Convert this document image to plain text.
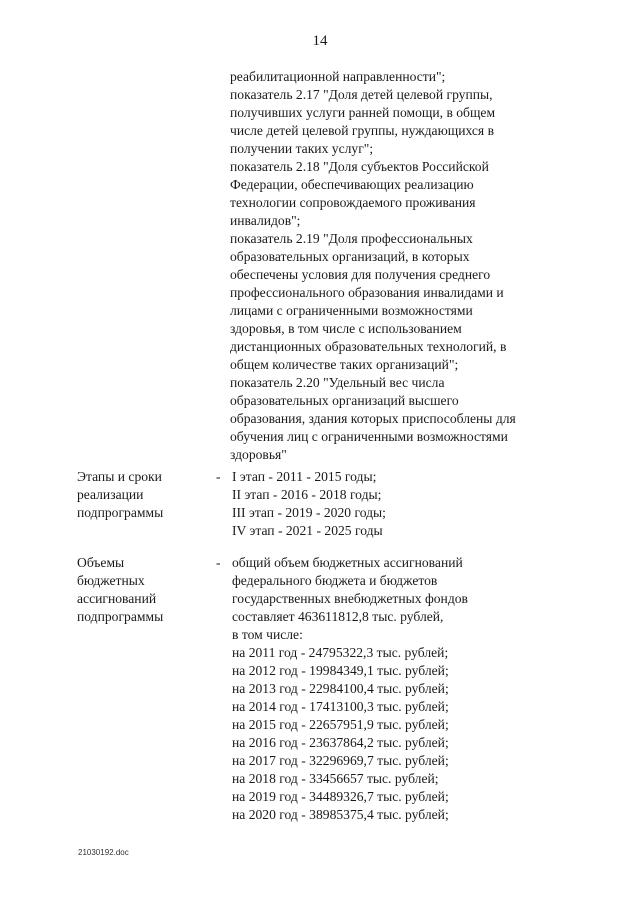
14
реабилитационной направленности";
показатель 2.17 "Доля детей целевой группы,
получивших услуги ранней помощи, в общем
числе детей целевой группы, нуждающихся в
получении таких услуг";
показатель 2.18 "Доля субъектов Российской
Федерации, обеспечивающих реализацию
технологии сопровождаемого проживания
инвалидов";
показатель 2.19 "Доля профессиональных
образовательных организаций, в которых
обеспечены условия для получения среднего
профессионального образования инвалидами и
лицами с ограниченными возможностями
здоровья, в том числе с использованием
дистанционных образовательных технологий, в
общем количестве таких организаций";
показатель 2.20 "Удельный вес числа
образовательных организаций высшего
образования, здания которых приспособлены для
обучения лиц с ограниченными возможностями
здоровья"
Этапы и сроки
реализации
подпрограммы
- I этап - 2011 - 2015 годы;
II этап - 2016 - 2018 годы;
III этап - 2019 - 2020 годы;
IV этап - 2021 - 2025 годы
Объемы
бюджетных
ассигнований
подпрограммы
- общий объем бюджетных ассигнований
федерального бюджета и бюджетов
государственных внебюджетных фондов
составляет 463611812,8 тыс. рублей,
в том числе:
на 2011 год - 24795322,3 тыс. рублей;
на 2012 год - 19984349,1 тыс. рублей;
на 2013 год - 22984100,4 тыс. рублей;
на 2014 год - 17413100,3 тыс. рублей;
на 2015 год - 22657951,9 тыс. рублей;
на 2016 год - 23637864,2 тыс. рублей;
на 2017 год - 32296969,7 тыс. рублей;
на 2018 год - 33456657 тыс. рублей;
на 2019 год - 34489326,7 тыс. рублей;
на 2020 год - 38985375,4 тыс. рублей;
21030192.doc
